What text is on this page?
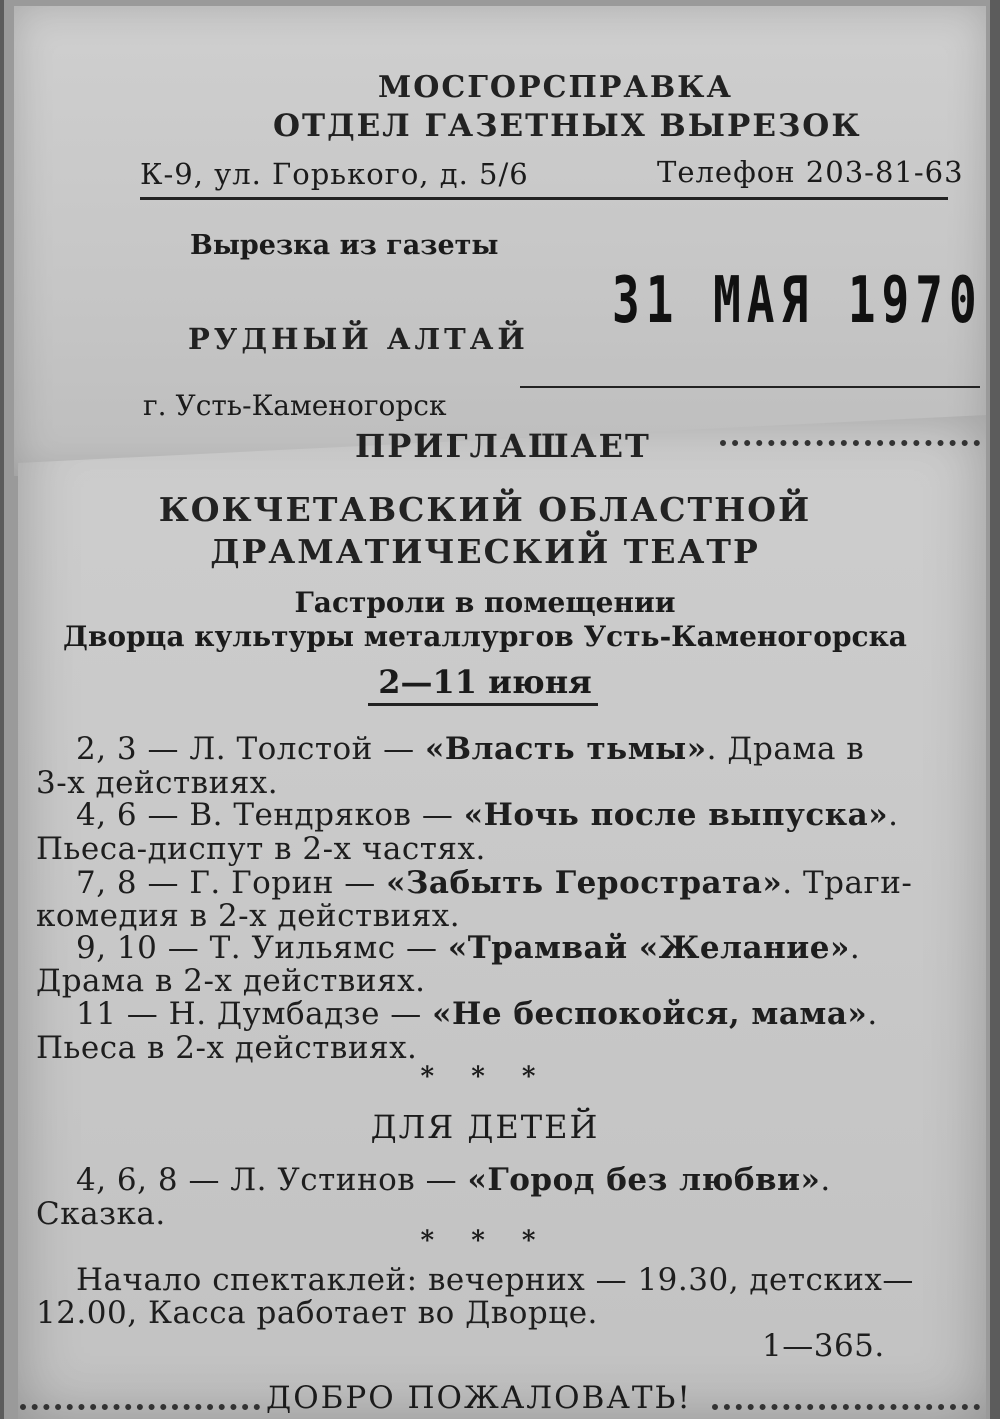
МОСГОРСПРАВКА
ОТДЕЛ ГАЗЕТНЫХ ВЫРЕЗОК
К-9, ул. Горького, д. 5/6	Телефон 203-81-63
Вырезка из газеты
31 МАЯ 1970
РУДНЫЙ АЛТАЙ
г. Усть-Каменогорск
ПРИГЛАШАЕТ
КОКЧЕТАВСКИЙ ОБЛАСТНОЙ
ДРАМАТИЧЕСКИЙ ТЕАТР
Гастроли в помещении
Дворца культуры металлургов Усть-Каменогорска
2—11 июня
2, 3 — Л. Толстой — «Власть тьмы». Драма в
3-х действиях.
4, 6 — В. Тендряков — «Ночь после выпуска».
Пьеса-диспут в 2-х частях.
7, 8 — Г. Горин — «Забыть Герострата». Траги-
комедия в 2-х действиях.
9, 10 — Т. Уильямс — «Трамвай «Желание».
Драма в 2-х действиях.
11 — Н. Думбадзе — «Не беспокойся, мама».
Пьеса в 2-х действиях.
* * *
ДЛЯ ДЕТЕЙ
4, 6, 8 — Л. Устинов — «Город без любви».
Сказка.
* * *
Начало спектаклей: вечерних — 19.30, детских—
12.00, Касса работает во Дворце.
1—365.
ДОБРО ПОЖАЛОВАТЬ!
